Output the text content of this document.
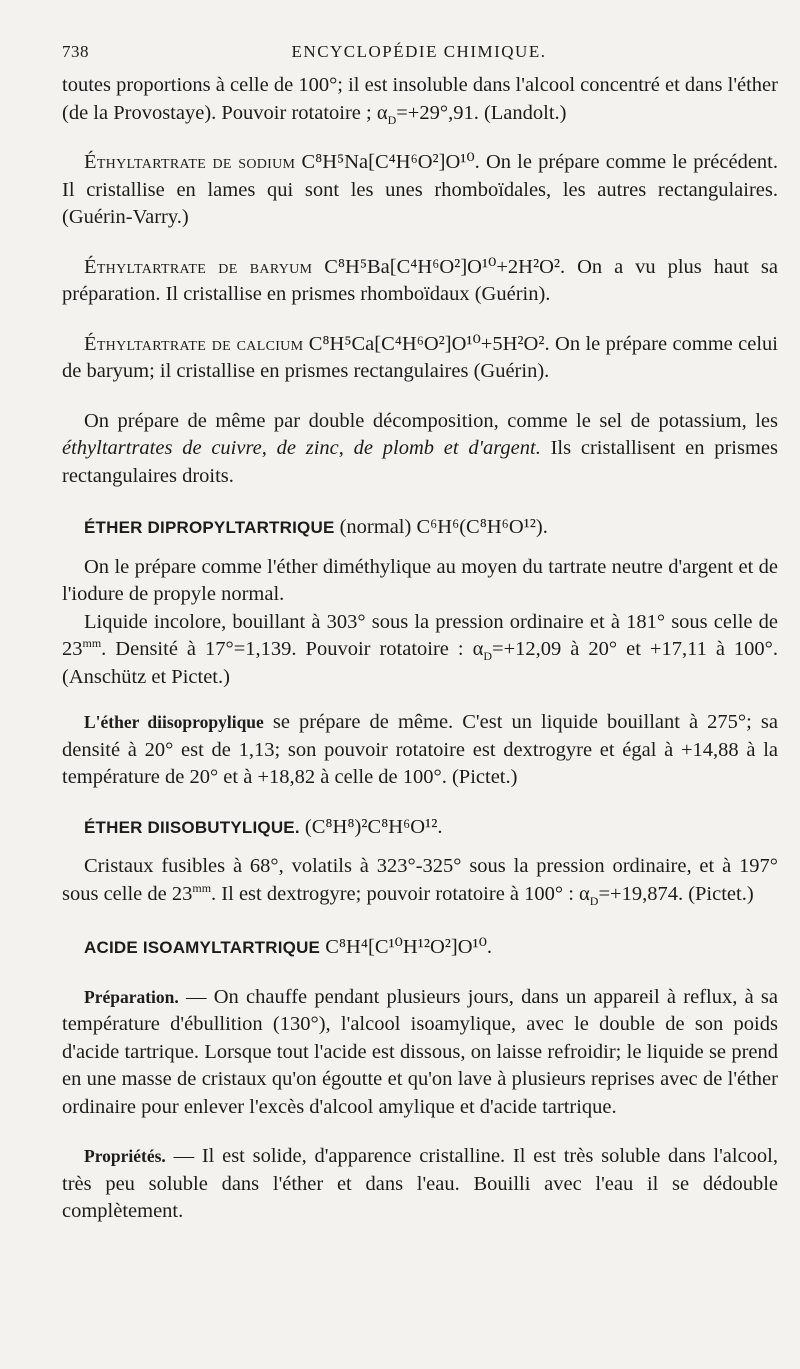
738	ENCYCLOPÉDIE CHIMIQUE.

toutes proportions à celle de 100°; il est insoluble dans l'alcool concentré et dans l'éther (de la Provostaye). Pouvoir rotatoire ; $\alpha_D=+29^\circ,91$. (Landolt.)

Éthyltartrate de sodium C⁸H⁵Na[C⁴H⁶O²]O¹⁰. On le prépare comme le précédent. Il cristallise en lames qui sont les unes rhomboïdales, les autres rectangulaires. (Guérin-Varry.)

Éthyltartrate de baryum C⁸H⁵Ba[C⁴H⁶O²]O¹⁰+2H²O². On a vu plus haut sa préparation. Il cristallise en prismes rhomboïdaux (Guérin).

Éthyltartrate de calcium C⁸H⁵Ca[C⁴H⁶O²]O¹⁰+5H²O². On le prépare comme celui de baryum; il cristallise en prismes rectangulaires (Guérin).

On prépare de même par double décomposition, comme le sel de potassium, les éthyltartrates de cuivre, de zinc, de plomb et d'argent. Ils cristallisent en prismes rectangulaires droits.

ÉTHER DIPROPYLTARTRIQUE (normal) C⁶H⁶(C⁸H⁶O¹²).

On le prépare comme l'éther diméthylique au moyen du tartrate neutre d'argent et de l'iodure de propyle normal.

Liquide incolore, bouillant à 303° sous la pression ordinaire et à 181° sous celle de $23^{mm}$. Densité à 17°=1,139. Pouvoir rotatoire : $\alpha_D=+12,09$ à 20° et +17,11 à 100°. (Anschütz et Pictet.)

L'éther diisopropylique se prépare de même. C'est un liquide bouillant à 275°; sa densité à 20° est de 1,13; son pouvoir rotatoire est dextrogyre et égal à +14,88 à la température de 20° et à +18,82 à celle de 100°. (Pictet.)

ÉTHER DIISOBUTYLIQUE. (C⁸H⁸)²C⁸H⁶O¹².

Cristaux fusibles à 68°, volatils à 323°-325° sous la pression ordinaire, et à 197° sous celle de $23^{mm}$. Il est dextrogyre; pouvoir rotatoire à 100° : $\alpha_D=+19,874$. (Pictet.)

ACIDE ISOAMYLTARTRIQUE C⁸H⁴[C¹⁰H¹²O²]O¹⁰.

Préparation. — On chauffe pendant plusieurs jours, dans un appareil à reflux, à sa température d'ébullition (130°), l'alcool isoamylique, avec le double de son poids d'acide tartrique. Lorsque tout l'acide est dissous, on laisse refroidir; le liquide se prend en une masse de cristaux qu'on égoutte et qu'on lave à plusieurs reprises avec de l'éther ordinaire pour enlever l'excès d'alcool amylique et d'acide tartrique.

Propriétés. — Il est solide, d'apparence cristalline. Il est très soluble dans l'alcool, très peu soluble dans l'éther et dans l'eau. Bouilli avec l'eau il se dédouble complètement.
